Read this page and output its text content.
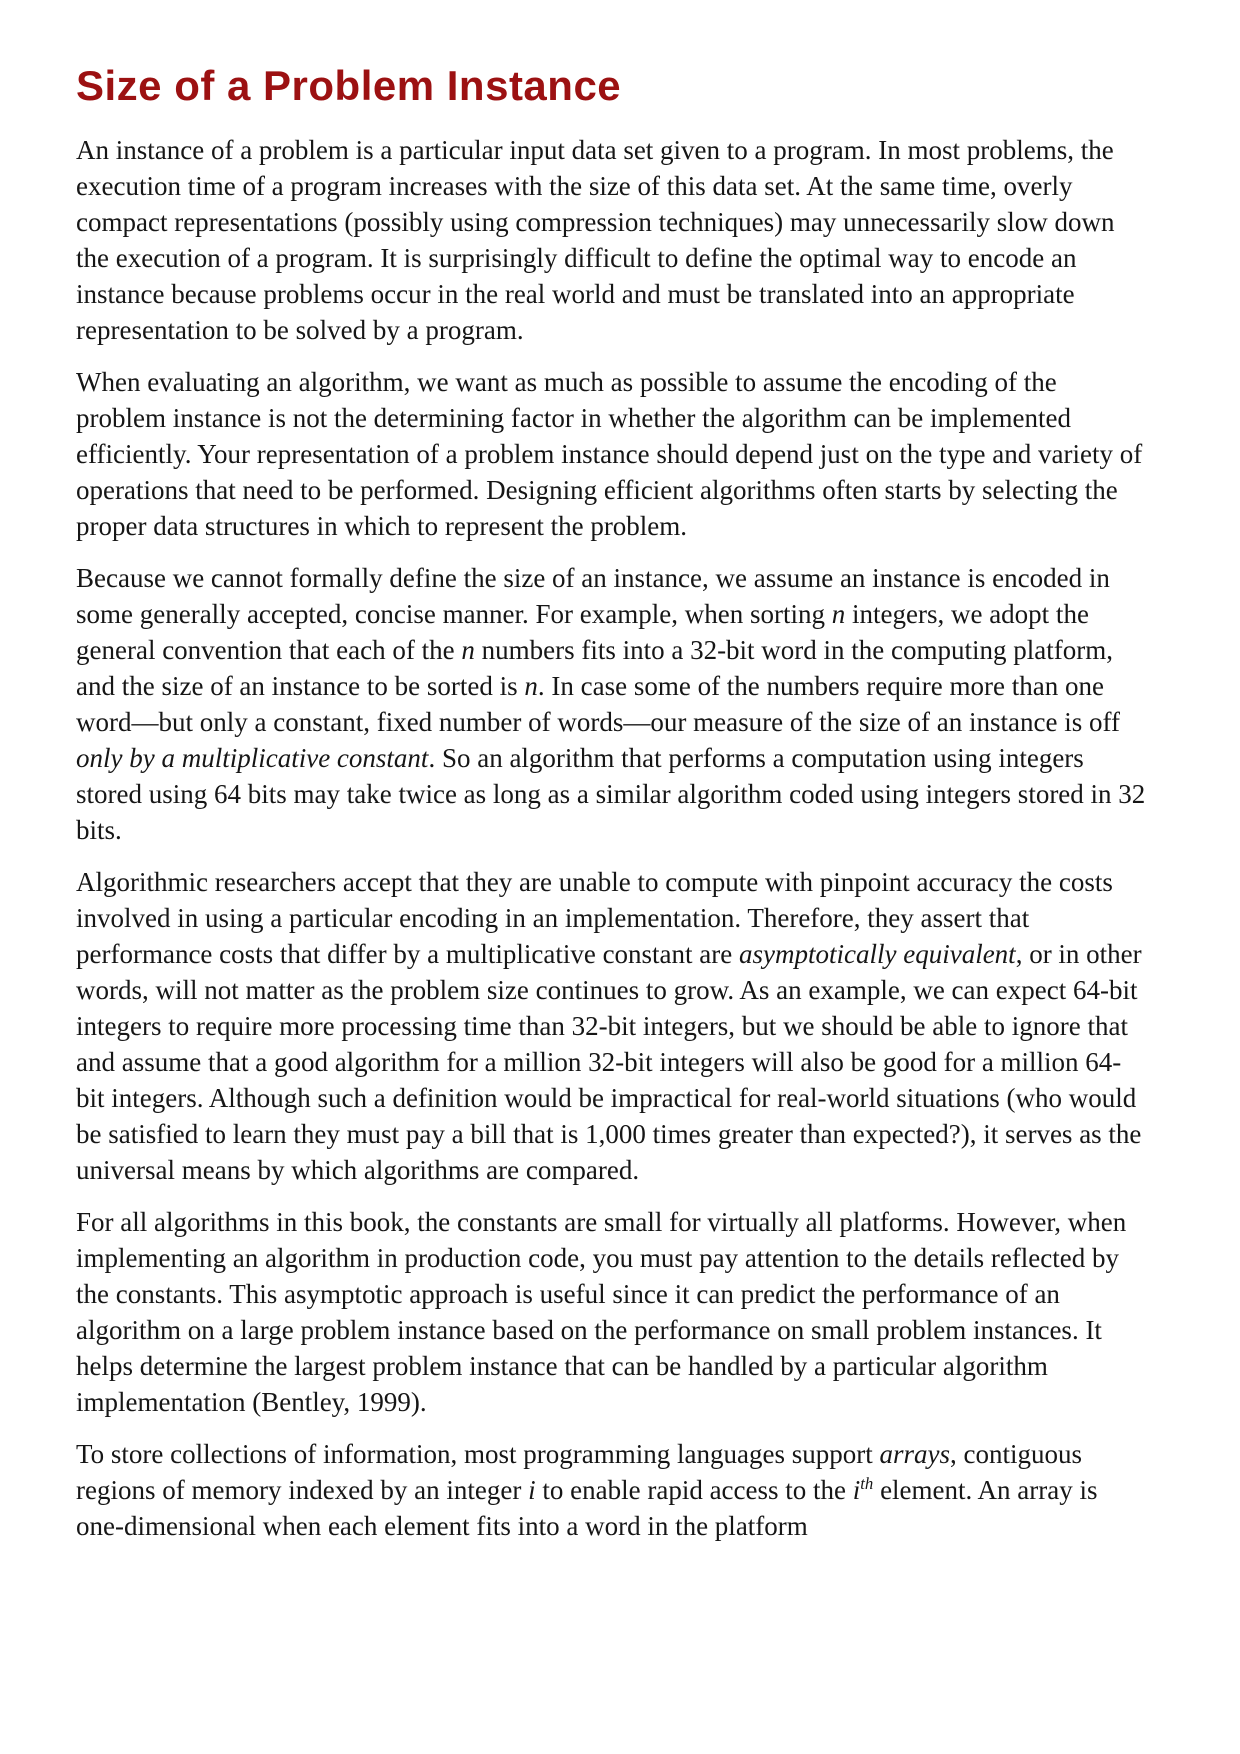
Size of a Problem Instance

An instance of a problem is a particular input data set given to a program. In most problems, the execution time of a program increases with the size of this data set. At the same time, overly compact representations (possibly using compression techniques) may unnecessarily slow down the execution of a program. It is surprisingly difficult to define the optimal way to encode an instance because problems occur in the real world and must be translated into an appropriate representation to be solved by a program.

When evaluating an algorithm, we want as much as possible to assume the encoding of the problem instance is not the determining factor in whether the algorithm can be implemented efficiently. Your representation of a problem instance should depend just on the type and variety of operations that need to be performed. Designing efficient algorithms often starts by selecting the proper data structures in which to represent the problem.

Because we cannot formally define the size of an instance, we assume an instance is encoded in some generally accepted, concise manner. For example, when sorting n integers, we adopt the general convention that each of the n numbers fits into a 32-bit word in the computing platform, and the size of an instance to be sorted is n. In case some of the numbers require more than one word—but only a constant, fixed number of words—our measure of the size of an instance is off only by a multiplicative constant. So an algorithm that performs a computation using integers stored using 64 bits may take twice as long as a similar algorithm coded using integers stored in 32 bits.

Algorithmic researchers accept that they are unable to compute with pinpoint accuracy the costs involved in using a particular encoding in an implementation. Therefore, they assert that performance costs that differ by a multiplicative constant are asymptotically equivalent, or in other words, will not matter as the problem size continues to grow. As an example, we can expect 64-bit integers to require more processing time than 32-bit integers, but we should be able to ignore that and assume that a good algorithm for a million 32-bit integers will also be good for a million 64-bit integers. Although such a definition would be impractical for real-world situations (who would be satisfied to learn they must pay a bill that is 1,000 times greater than expected?), it serves as the universal means by which algorithms are compared.

For all algorithms in this book, the constants are small for virtually all platforms. However, when implementing an algorithm in production code, you must pay attention to the details reflected by the constants. This asymptotic approach is useful since it can predict the performance of an algorithm on a large problem instance based on the performance on small problem instances. It helps determine the largest problem instance that can be handled by a particular algorithm implementation (Bentley, 1999).

To store collections of information, most programming languages support arrays, contiguous regions of memory indexed by an integer i to enable rapid access to the $i^{th}$ element. An array is one-dimensional when each element fits into a word in the platform
